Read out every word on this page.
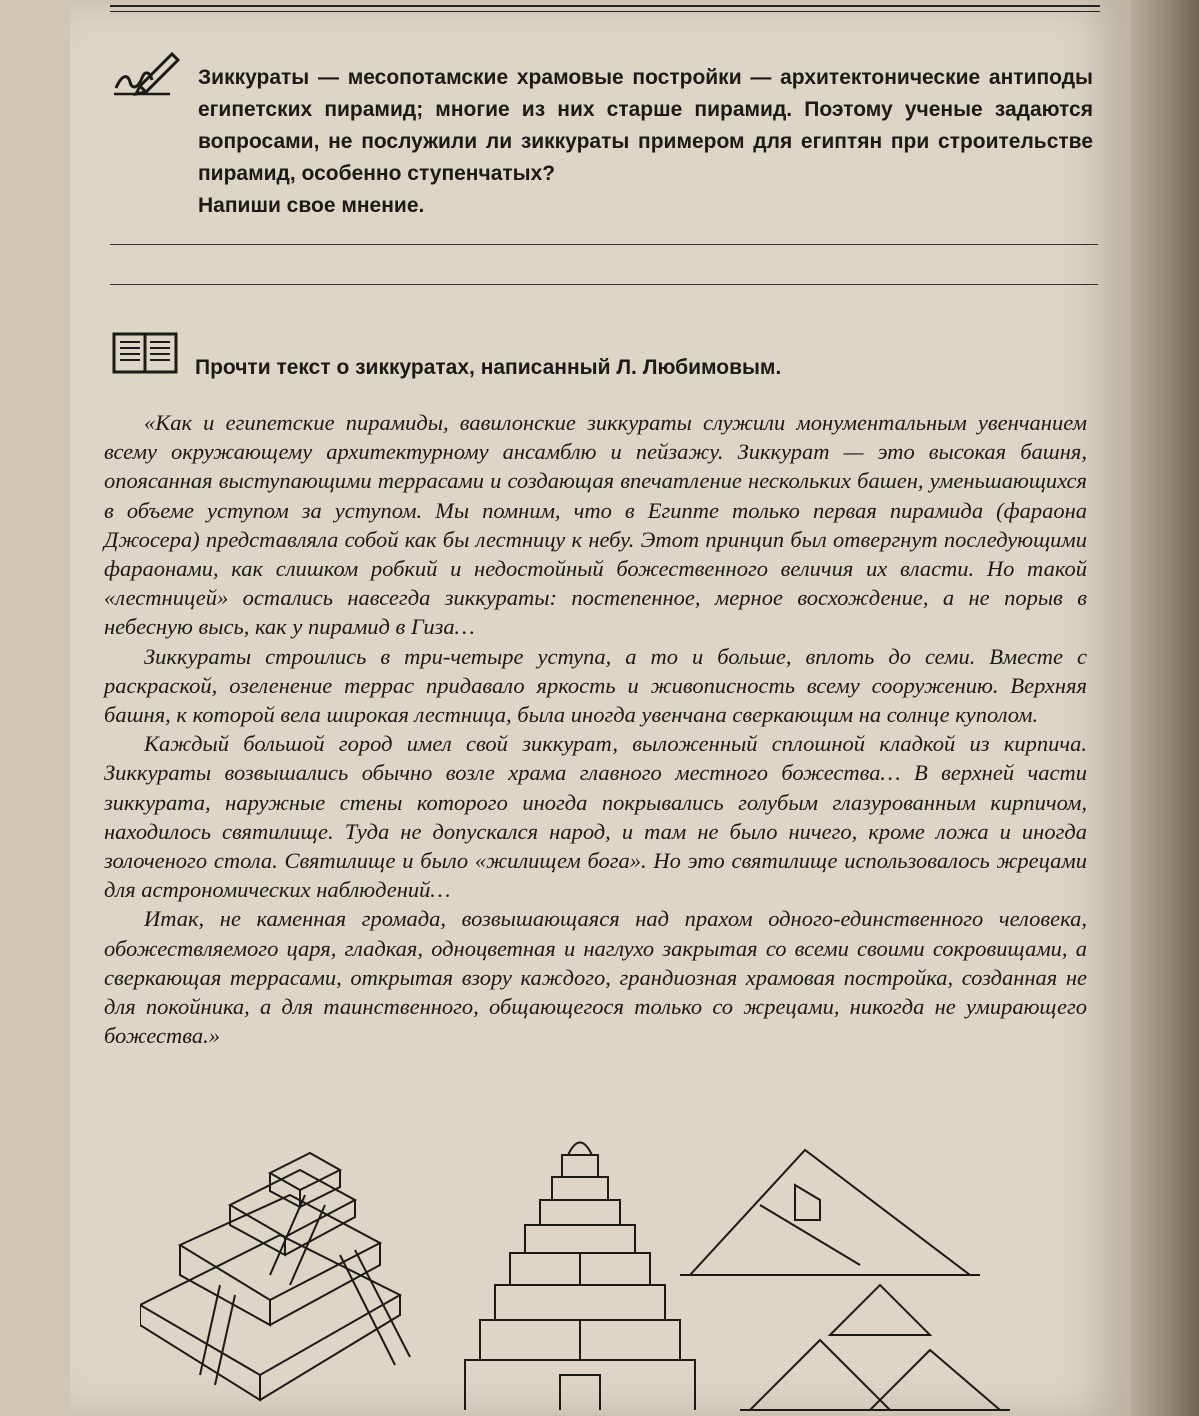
Зиккураты — месопотамские храмовые постройки — архитектонические антиподы египетских пирамид; многие из них старше пирамид. Поэтому ученые задаются вопросами, не послужили ли зиккураты примером для египтян при строительстве пирамид, особенно ступенчатых?
Напиши свое мнение.
Прочти текст о зиккуратах, написанный Л. Любимовым.

«Как и египетские пирамиды, вавилонские зиккураты служили монументальным увенчанием всему окружающему архитектурному ансамблю и пейзажу. Зиккурат — это высокая башня, опоясанная выступающими террасами и создающая впечатление нескольких башен, уменьшающихся в объеме уступом за уступом. Мы помним, что в Египте только первая пирамида (фараона Джосера) представляла собой как бы лестницу к небу. Этот принцип был отвергнут последующими фараонами, как слишком робкий и недостойный божественного величия их власти. Но такой «лестницей» остались навсегда зиккураты: постепенное, мерное восхождение, а не порыв в небесную высь, как у пирамид в Гиза…

Зиккураты строились в три-четыре уступа, а то и больше, вплоть до семи. Вместе с раскраской, озеленение террас придавало яркость и живописность всему сооружению. Верхняя башня, к которой вела широкая лестница, была иногда увенчана сверкающим на солнце куполом.

Каждый большой город имел свой зиккурат, выложенный сплошной кладкой из кирпича. Зиккураты возвышались обычно возле храма главного местного божества… В верхней части зиккурата, наружные стены которого иногда покрывались голубым глазурованным кирпичом, находилось святилище. Туда не допускался народ, и там не было ничего, кроме ложа и иногда золоченого стола. Святилище и было «жилищем бога». Но это святилище использовалось жрецами для астрономических наблюдений…

Итак, не каменная громада, возвышающаяся над прахом одного-единственного человека, обожествляемого царя, гладкая, одноцветная и наглухо закрытая со всеми своими сокровищами, а сверкающая террасами, открытая взору каждого, грандиозная храмовая постройка, созданная не для покойника, а для таинственного, общающегося только со жрецами, никогда не умирающего божества.»
